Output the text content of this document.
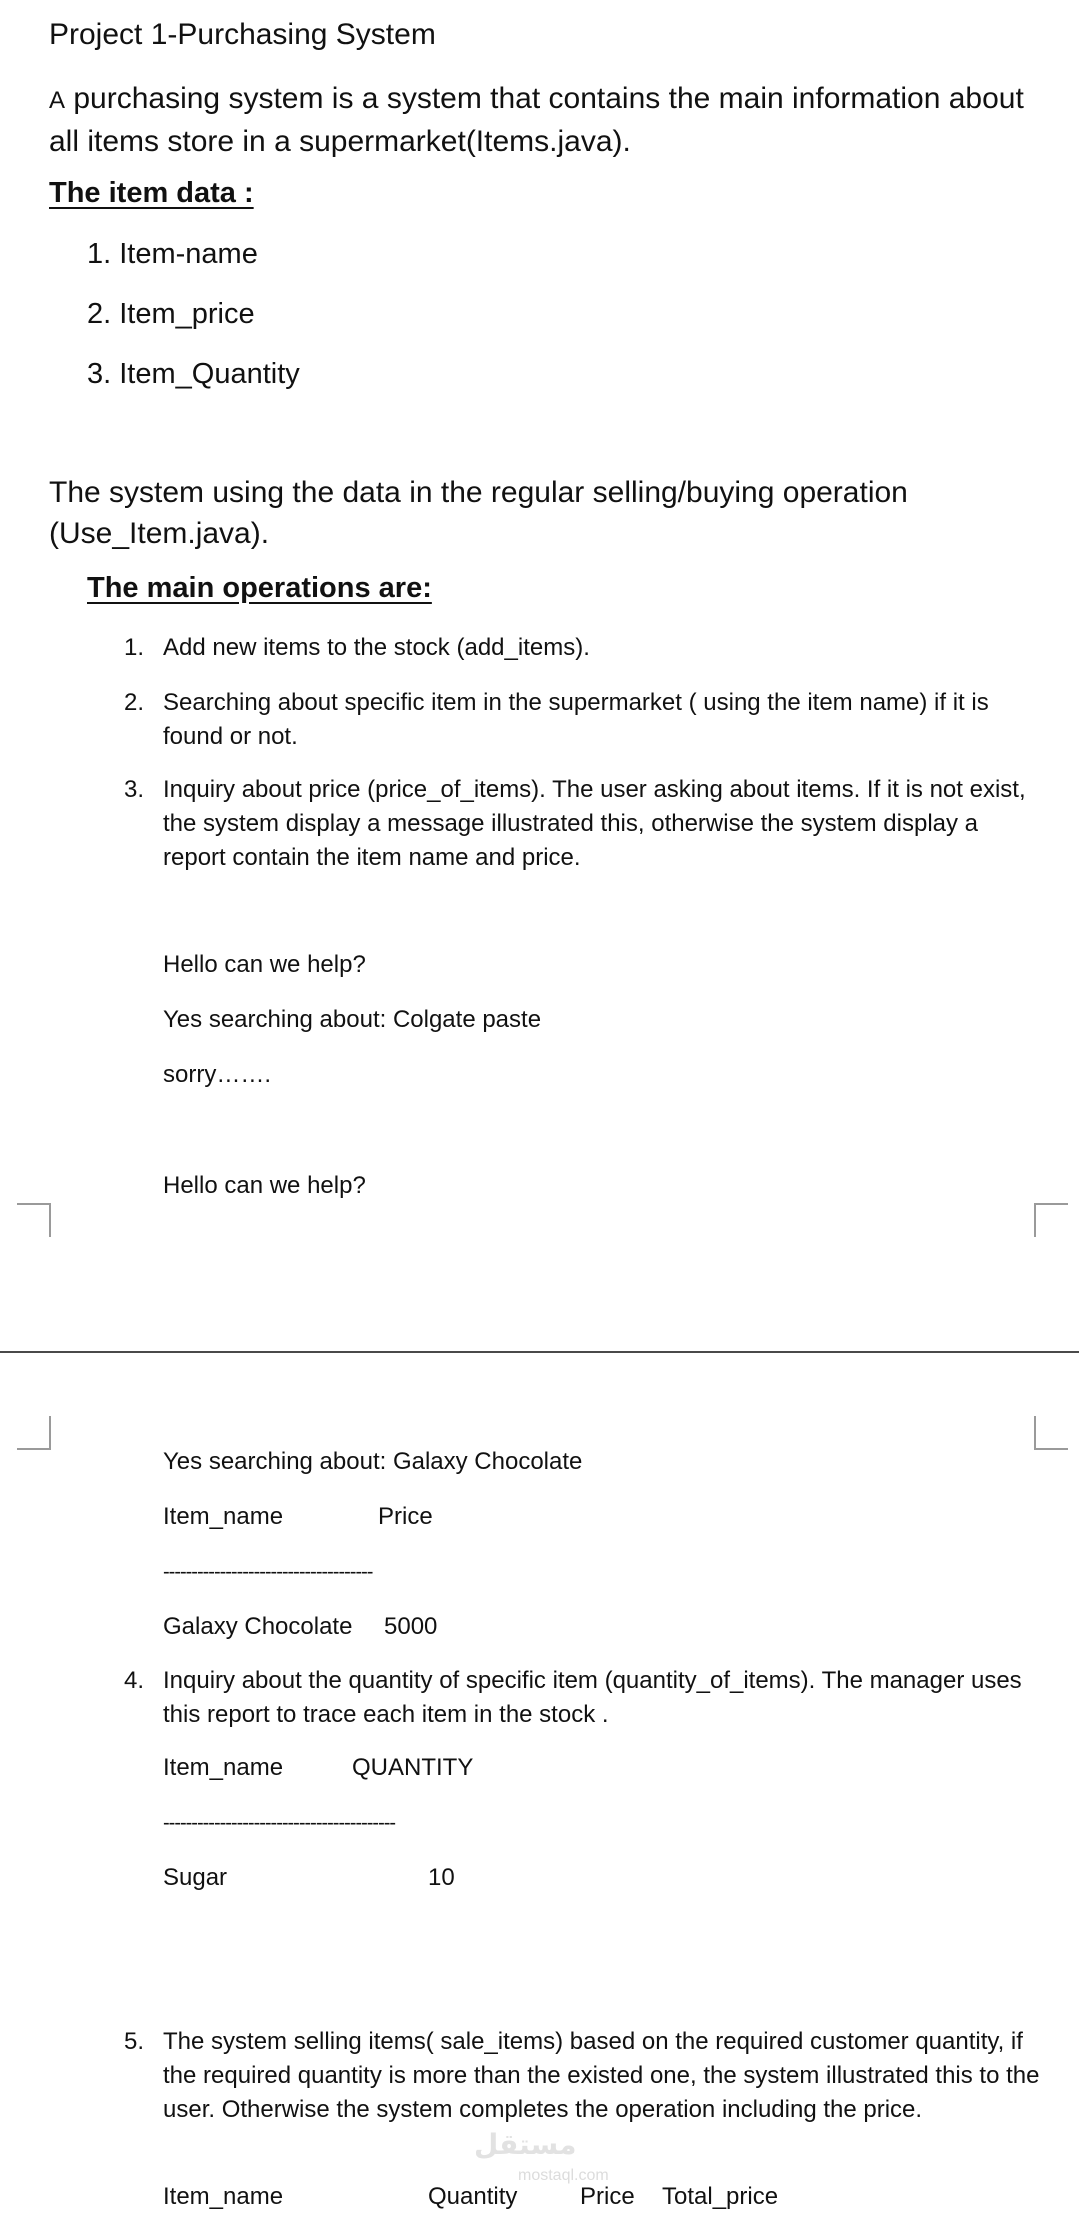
Project 1-Purchasing System
A purchasing system is a system that contains the main information about all items store in a supermarket(Items.java).
The item data :
1. Item-name
2. Item_price
3. Item_Quantity
The system using the data in the regular selling/buying operation (Use_Item.java).
The main operations are:
1. Add new items to the stock (add_items).
2. Searching about specific item in the supermarket ( using the item name) if it is found or not.
3. Inquiry about price (price_of_items). The user asking about items. If it is not exist, the system display a message illustrated this, otherwise the system display a report contain the item name and price.
Hello can we help?
Yes searching about: Colgate paste
sorry…….
Hello can we help?
Yes searching about: Galaxy Chocolate
Item_name	Price
-------------------------------------
Galaxy Chocolate 5000
4. Inquiry about the quantity of specific item (quantity_of_items). The manager uses this report to trace each item in the stock .
Item_name	QUANTITY
-----------------------------------------
Sugar	10
5. The system selling items( sale_items) based on the required customer quantity, if the required quantity is more than the existed one, the system illustrated this to the user. Otherwise the system completes the operation including the price.
مستقل
mostaql.com
Item_name	Quantity	Price Total_price
